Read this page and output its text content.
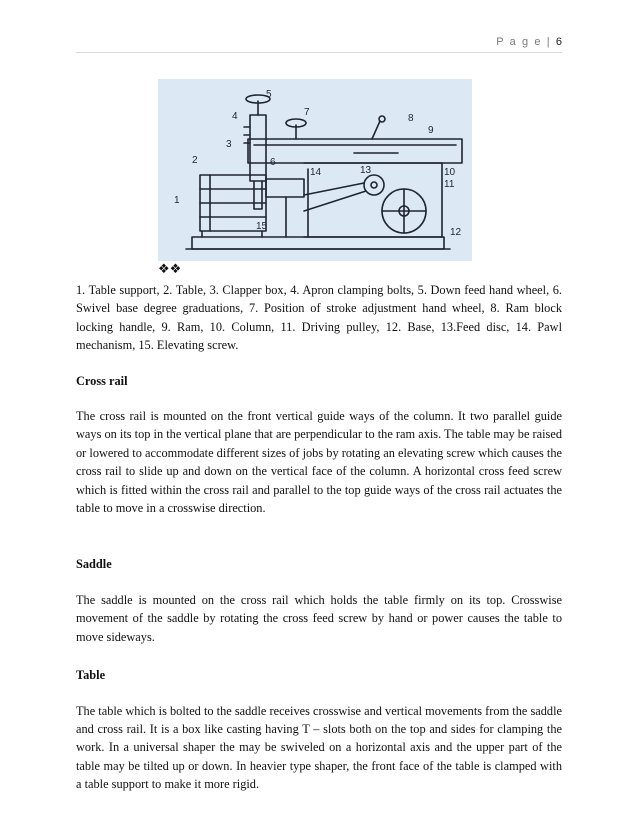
P a g e | 6
1
2
3
4
5
6
7
8
9
10
11
12
13
14
15
❖❖

1. Table support, 2. Table, 3. Clapper box, 4. Apron clamping bolts, 5. Down feed hand wheel, 6. Swivel base degree graduations, 7. Position of stroke adjustment hand wheel, 8. Ram block locking handle, 9. Ram, 10. Column, 11. Driving pulley, 12. Base, 13.Feed disc, 14. Pawl mechanism, 15. Elevating screw.

Cross rail

The cross rail is mounted on the front vertical guide ways of the column. It two parallel guide ways on its top in the vertical plane that are perpendicular to the ram axis. The table may be raised or lowered to accommodate different sizes of jobs by rotating an elevating screw which causes the cross rail to slide up and down on the vertical face of the column. A horizontal cross feed screw which is fitted within the cross rail and parallel to the top guide ways of the cross rail actuates the table to move in a crosswise direction.

Saddle

The saddle is mounted on the cross rail which holds the table firmly on its top. Crosswise movement of the saddle by rotating the cross feed screw by hand or power causes the table to move sideways.

Table

The table which is bolted to the saddle receives crosswise and vertical movements from the saddle and cross rail. It is a box like casting having T – slots both on the top and sides for clamping the work. In a universal shaper the may be swiveled on a horizontal axis and the upper part of the table may be tilted up or down. In heavier type shaper, the front face of the table is clamped with a table support to make it more rigid.
